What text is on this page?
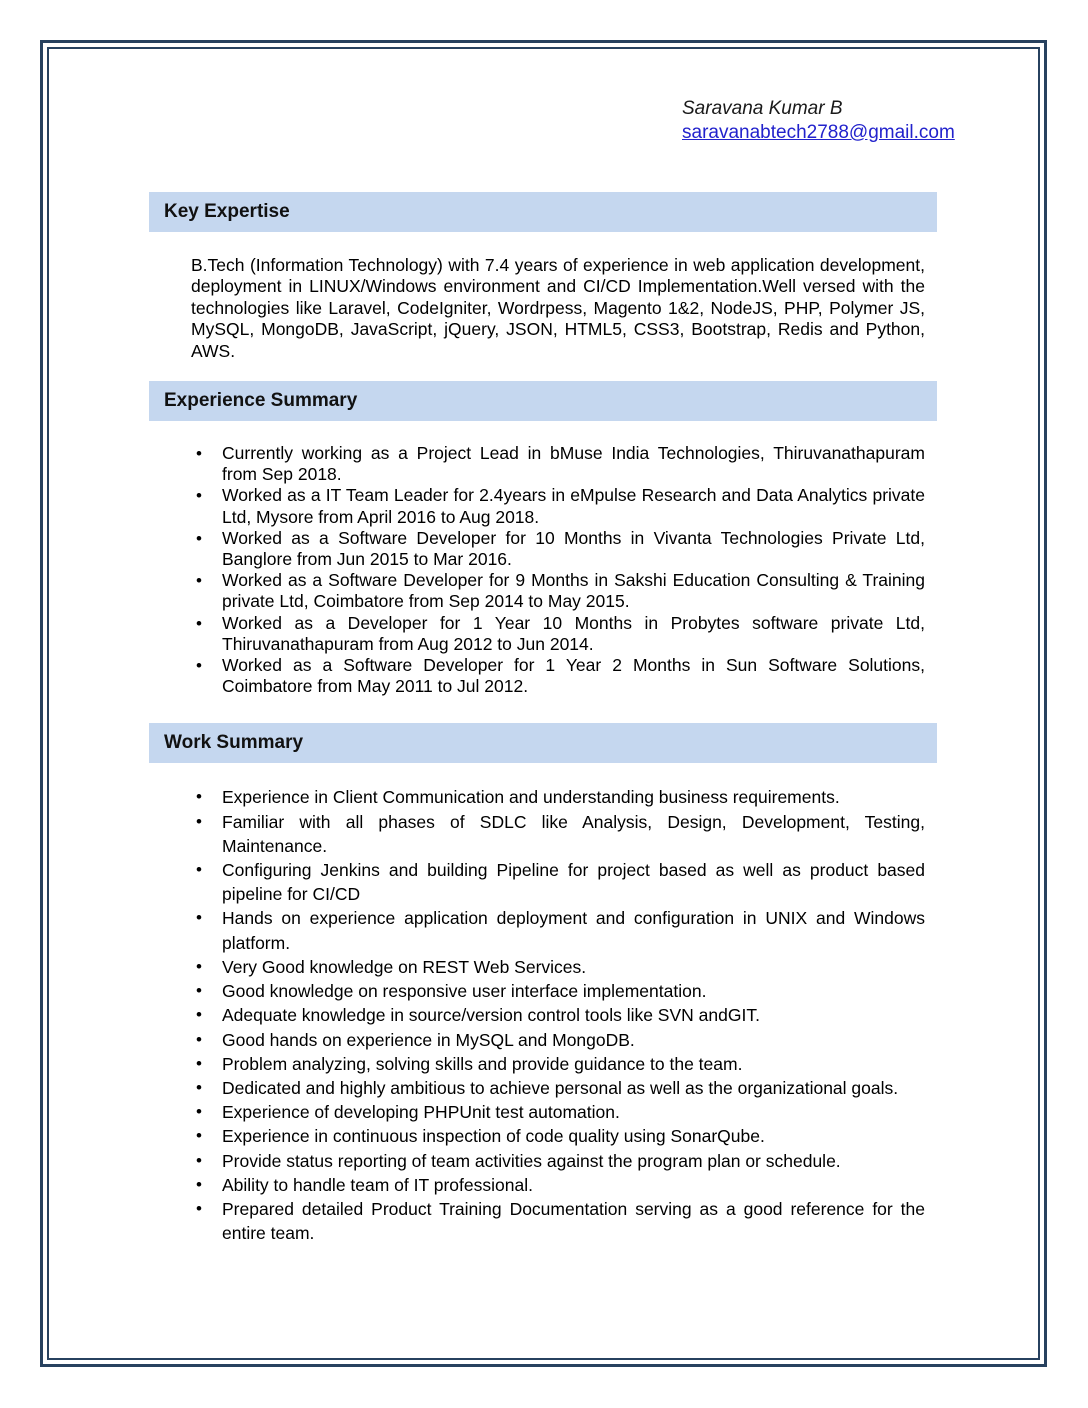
Saravana Kumar B
saravanabtech2788@gmail.com
Key Expertise

B.Tech (Information Technology) with 7.4 years of experience in web application development, deployment in LINUX/Windows environment and CI/CD Implementation.Well versed with the technologies like Laravel, CodeIgniter, Wordrpess, Magento 1&2, NodeJS, PHP, Polymer JS, MySQL, MongoDB, JavaScript, jQuery, JSON, HTML5, CSS3, Bootstrap, Redis and Python, AWS.

Experience Summary
• Currently working as a Project Lead in bMuse India Technologies, Thiruvanathapuram from Sep 2018.
• Worked as a IT Team Leader for 2.4years in eMpulse Research and Data Analytics private Ltd, Mysore from April 2016 to Aug 2018.
• Worked as a Software Developer for 10 Months in Vivanta Technologies Private Ltd, Banglore from Jun 2015 to Mar 2016.
• Worked as a Software Developer for 9 Months in Sakshi Education Consulting & Training private Ltd, Coimbatore from Sep 2014 to May 2015.
• Worked as a Developer for 1 Year 10 Months in Probytes software private Ltd, Thiruvanathapuram from Aug 2012 to Jun 2014.
• Worked as a Software Developer for 1 Year 2 Months in Sun Software Solutions, Coimbatore from May 2011 to Jul 2012.
Work Summary
• Experience in Client Communication and understanding business requirements.
• Familiar with all phases of SDLC like Analysis, Design, Development, Testing, Maintenance.
• Configuring Jenkins and building Pipeline for project based as well as product based pipeline for CI/CD
• Hands on experience application deployment and configuration in UNIX and Windows platform.
• Very Good knowledge on REST Web Services.
• Good knowledge on responsive user interface implementation.
• Adequate knowledge in source/version control tools like SVN andGIT.
• Good hands on experience in MySQL and MongoDB.
• Problem analyzing, solving skills and provide guidance to the team.
• Dedicated and highly ambitious to achieve personal as well as the organizational goals.
• Experience of developing PHPUnit test automation.
• Experience in continuous inspection of code quality using SonarQube.
• Provide status reporting of team activities against the program plan or schedule.
• Ability to handle team of IT professional.
• Prepared detailed Product Training Documentation serving as a good reference for the entire team.
